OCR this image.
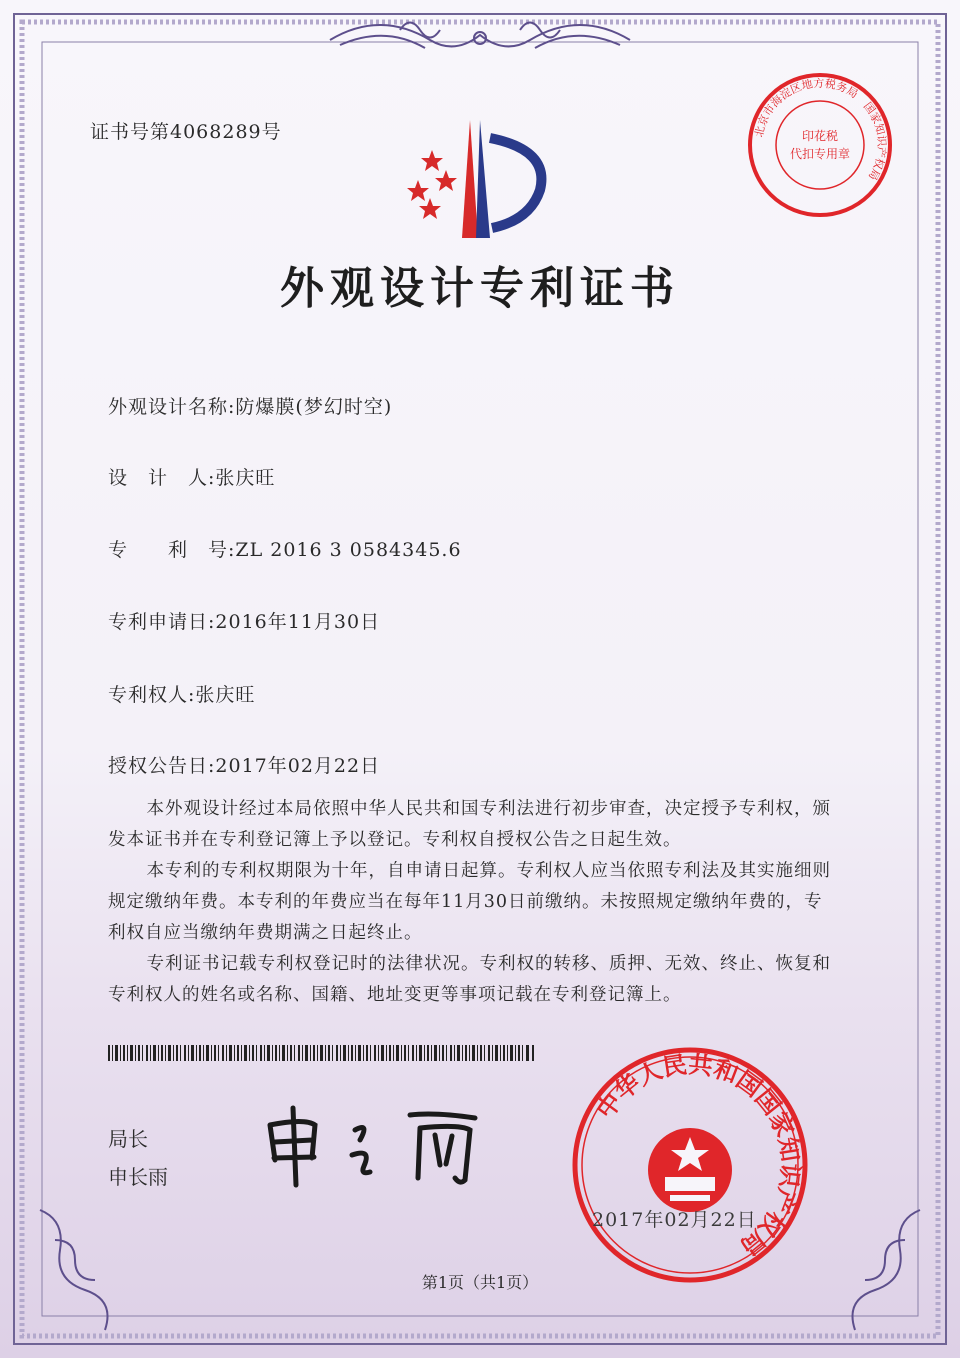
证书号第4068289号	北京市海淀区地方税务局　国家知识产权局
印花税
代扣专用章
外观设计专利证书
外观设计名称:防爆膜(梦幻时空)
设　计　人:张庆旺
专　　利　号:ZL 2016 3 0584345.6
专利申请日:2016年11月30日
专利权人:张庆旺
授权公告日:2017年02月22日

本外观设计经过本局依照中华人民共和国专利法进行初步审查，决定授予专利权，颁发本证书并在专利登记簿上予以登记。专利权自授权公告之日起生效。

本专利的专利权期限为十年，自申请日起算。专利权人应当依照专利法及其实施细则规定缴纳年费。本专利的年费应当在每年11月30日前缴纳。未按照规定缴纳年费的，专利权自应当缴纳年费期满之日起终止。

专利证书记载专利权登记时的法律状况。专利权的转移、质押、无效、终止、恢复和专利权人的姓名或名称、国籍、地址变更等事项记载在专利登记簿上。

局长
申长雨
中华人民共和国国家知识产权局
2017年02月22日
第1页（共1页）
